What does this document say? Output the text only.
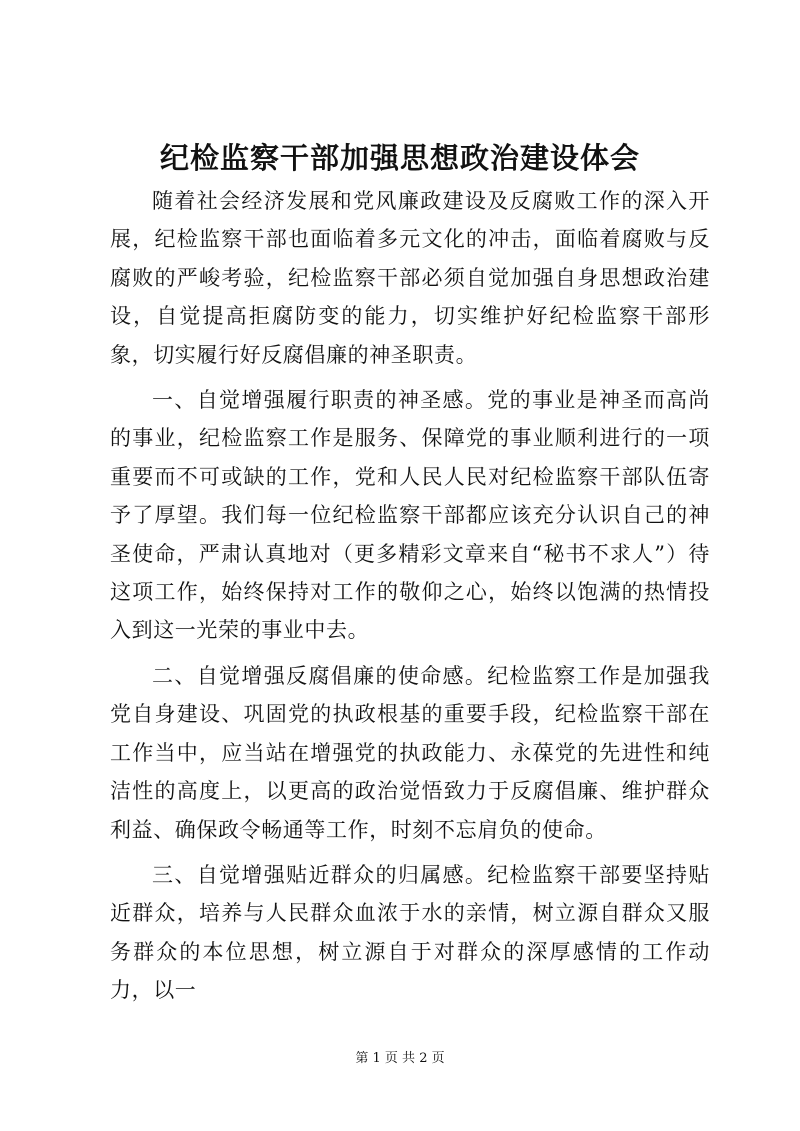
纪检监察干部加强思想政治建设体会

随着社会经济发展和党风廉政建设及反腐败工作的深入开展，纪检监察干部也面临着多元文化的冲击，面临着腐败与反腐败的严峻考验，纪检监察干部必须自觉加强自身思想政治建设，自觉提高拒腐防变的能力，切实维护好纪检监察干部形象，切实履行好反腐倡廉的神圣职责。

一、自觉增强履行职责的神圣感。党的事业是神圣而高尚的事业，纪检监察工作是服务、保障党的事业顺利进行的一项重要而不可或缺的工作，党和人民人民对纪检监察干部队伍寄予了厚望。我们每一位纪检监察干部都应该充分认识自己的神圣使命，严肃认真地对（更多精彩文章来自“秘书不求人”）待这项工作，始终保持对工作的敬仰之心，始终以饱满的热情投入到这一光荣的事业中去。

二、自觉增强反腐倡廉的使命感。纪检监察工作是加强我党自身建设、巩固党的执政根基的重要手段，纪检监察干部在工作当中，应当站在增强党的执政能力、永葆党的先进性和纯洁性的高度上，以更高的政治觉悟致力于反腐倡廉、维护群众利益、确保政令畅通等工作，时刻不忘肩负的使命。

三、自觉增强贴近群众的归属感。纪检监察干部要坚持贴近群众，培养与人民群众血浓于水的亲情，树立源自群众又服务群众的本位思想，树立源自于对群众的深厚感情的工作动力，以一

第 1 页 共 2 页
